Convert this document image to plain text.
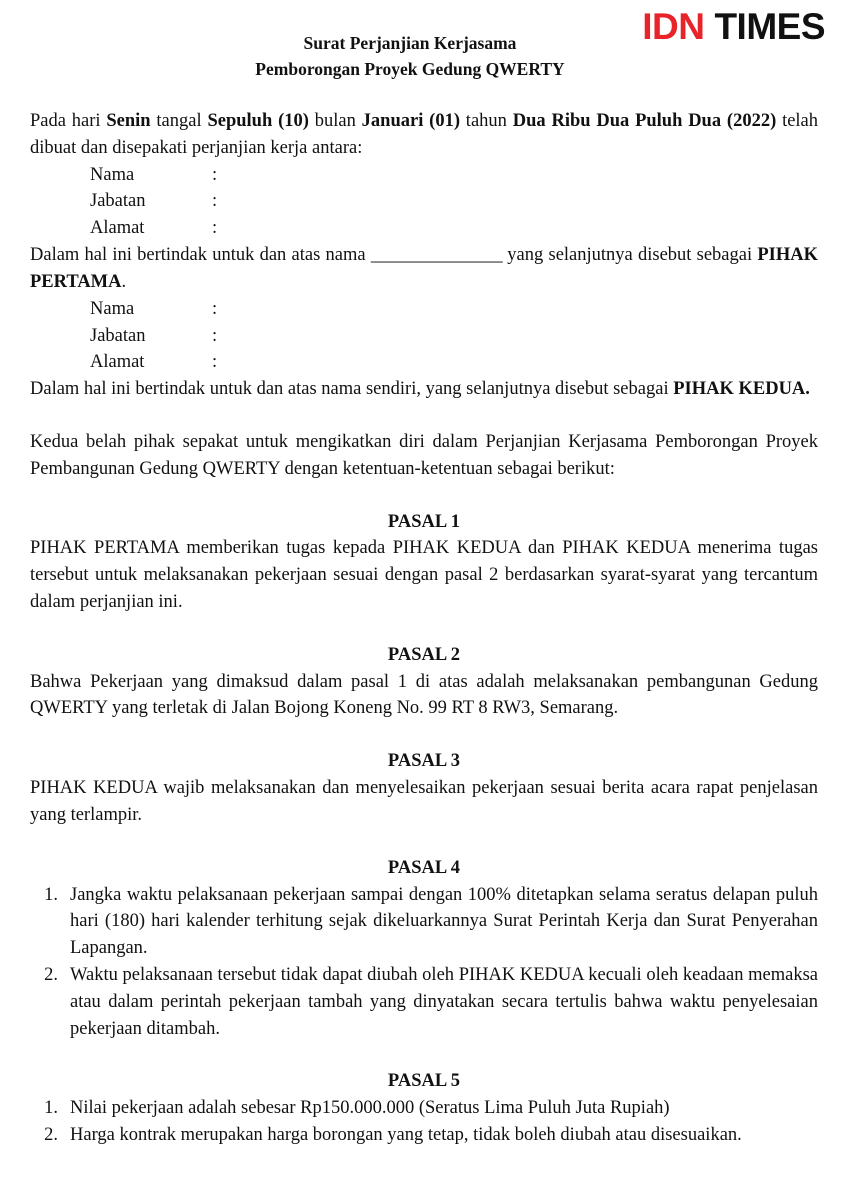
IDN TIMES
Surat Perjanjian Kerjasama
Pemborongan Proyek Gedung QWERTY

Pada hari Senin tangal Sepuluh (10) bulan Januari (01) tahun Dua Ribu Dua Puluh Dua (2022) telah dibuat dan disepakati perjanjian kerja antara:

Nama	:
Jabatan	:
Alamat	:

Dalam hal ini bertindak untuk dan atas nama _______________ yang selanjutnya disebut sebagai PIHAK PERTAMA.

Nama	:
Jabatan	:
Alamat	:

Dalam hal ini bertindak untuk dan atas nama sendiri, yang selanjutnya disebut sebagai PIHAK KEDUA.

Kedua belah pihak sepakat untuk mengikatkan diri dalam Perjanjian Kerjasama Pemborongan Proyek Pembangunan Gedung QWERTY dengan ketentuan-ketentuan sebagai berikut:

PASAL 1

PIHAK PERTAMA memberikan tugas kepada PIHAK KEDUA dan PIHAK KEDUA menerima tugas tersebut untuk melaksanakan pekerjaan sesuai dengan pasal 2 berdasarkan syarat-syarat yang tercantum dalam perjanjian ini.

PASAL 2

Bahwa Pekerjaan yang dimaksud dalam pasal 1 di atas adalah melaksanakan pembangunan Gedung QWERTY yang terletak di Jalan Bojong Koneng No. 99 RT 8 RW3, Semarang.

PASAL 3

PIHAK KEDUA wajib melaksanakan dan menyelesaikan pekerjaan sesuai berita acara rapat penjelasan yang terlampir.

PASAL 4

1. Jangka waktu pelaksanaan pekerjaan sampai dengan 100% ditetapkan selama seratus delapan puluh hari (180) hari kalender terhitung sejak dikeluarkannya Surat Perintah Kerja dan Surat Penyerahan Lapangan.
2. Waktu pelaksanaan tersebut tidak dapat diubah oleh PIHAK KEDUA kecuali oleh keadaan memaksa atau dalam perintah pekerjaan tambah yang dinyatakan secara tertulis bahwa waktu penyelesaian pekerjaan ditambah.

PASAL 5

1. Nilai pekerjaan adalah sebesar Rp150.000.000 (Seratus Lima Puluh Juta Rupiah)
2. Harga kontrak merupakan harga borongan yang tetap, tidak boleh diubah atau disesuaikan.
